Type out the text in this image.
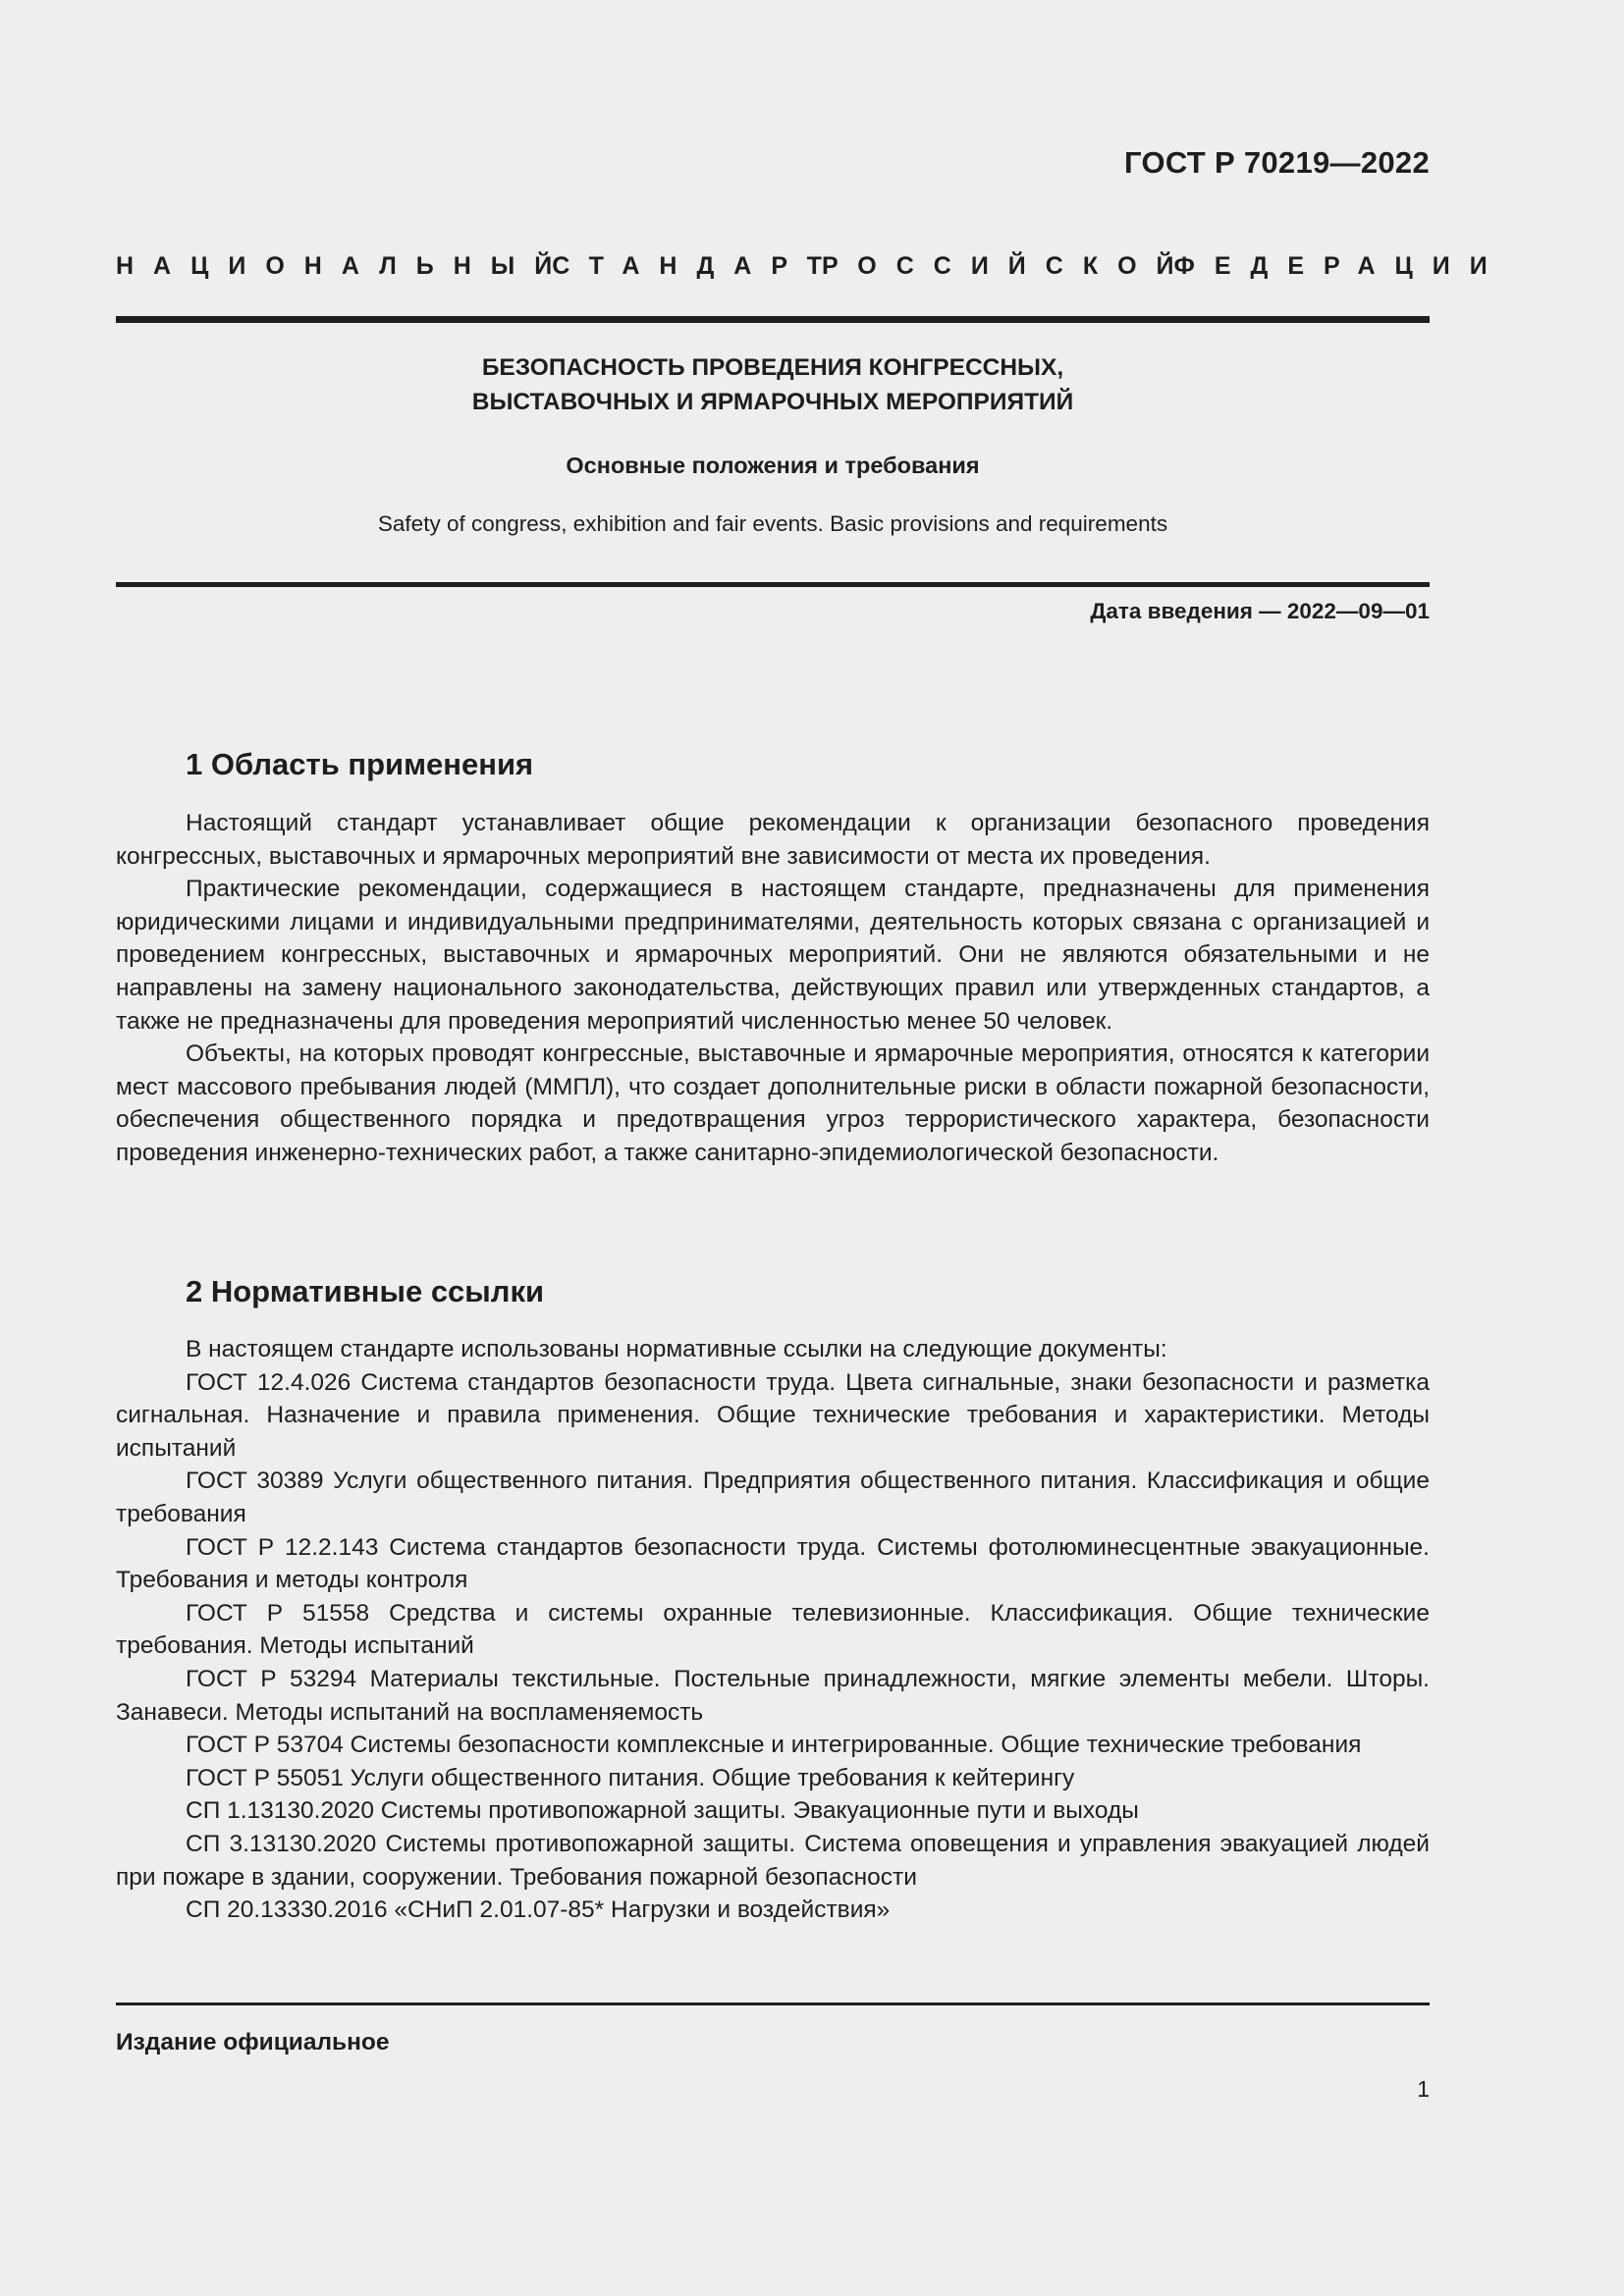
ГОСТ Р 70219—2022
НАЦИОНАЛЬНЫЙ
СТАНДАРТ
РОССИЙСКОЙ
ФЕДЕРАЦИИ
БЕЗОПАСНОСТЬ ПРОВЕДЕНИЯ КОНГРЕССНЫХ,
ВЫСТАВОЧНЫХ И ЯРМАРОЧНЫХ МЕРОПРИЯТИЙ
Основные положения и требования
Safety of congress, exhibition and fair events. Basic provisions and requirements
Дата введения — 2022—09—01
1 Область применения

Настоящий стандарт устанавливает общие рекомендации к организации безопасного проведения конгрессных, выставочных и ярмарочных мероприятий вне зависимости от места их проведения.

Практические рекомендации, содержащиеся в настоящем стандарте, предназначены для применения юридическими лицами и индивидуальными предпринимателями, деятельность которых связана с организацией и проведением конгрессных, выставочных и ярмарочных мероприятий. Они не являются обязательными и не направлены на замену национального законодательства, действующих правил или утвержденных стандартов, а также не предназначены для проведения мероприятий численностью менее 50 человек.

Объекты, на которых проводят конгрессные, выставочные и ярмарочные мероприятия, относятся к категории мест массового пребывания людей (ММПЛ), что создает дополнительные риски в области пожарной безопасности, обеспечения общественного порядка и предотвращения угроз террористического характера, безопасности проведения инженерно-технических работ, а также санитарно-эпидемиологической безопасности.

2 Нормативные ссылки

В настоящем стандарте использованы нормативные ссылки на следующие документы:

ГОСТ 12.4.026 Система стандартов безопасности труда. Цвета сигнальные, знаки безопасности и разметка сигнальная. Назначение и правила применения. Общие технические требования и характеристики. Методы испытаний

ГОСТ 30389 Услуги общественного питания. Предприятия общественного питания. Классификация и общие требования

ГОСТ Р 12.2.143 Система стандартов безопасности труда. Системы фотолюминесцентные эвакуационные. Требования и методы контроля

ГОСТ Р 51558 Средства и системы охранные телевизионные. Классификация. Общие технические требования. Методы испытаний

ГОСТ Р 53294 Материалы текстильные. Постельные принадлежности, мягкие элементы мебели. Шторы. Занавеси. Методы испытаний на воспламеняемость

ГОСТ Р 53704 Системы безопасности комплексные и интегрированные. Общие технические требования

ГОСТ Р 55051 Услуги общественного питания. Общие требования к кейтерингу

СП 1.13130.2020 Системы противопожарной защиты. Эвакуационные пути и выходы

СП 3.13130.2020 Системы противопожарной защиты. Система оповещения и управления эвакуацией людей при пожаре в здании, сооружении. Требования пожарной безопасности

СП 20.13330.2016 «СНиП 2.01.07-85* Нагрузки и воздействия»

Издание официальное
1
